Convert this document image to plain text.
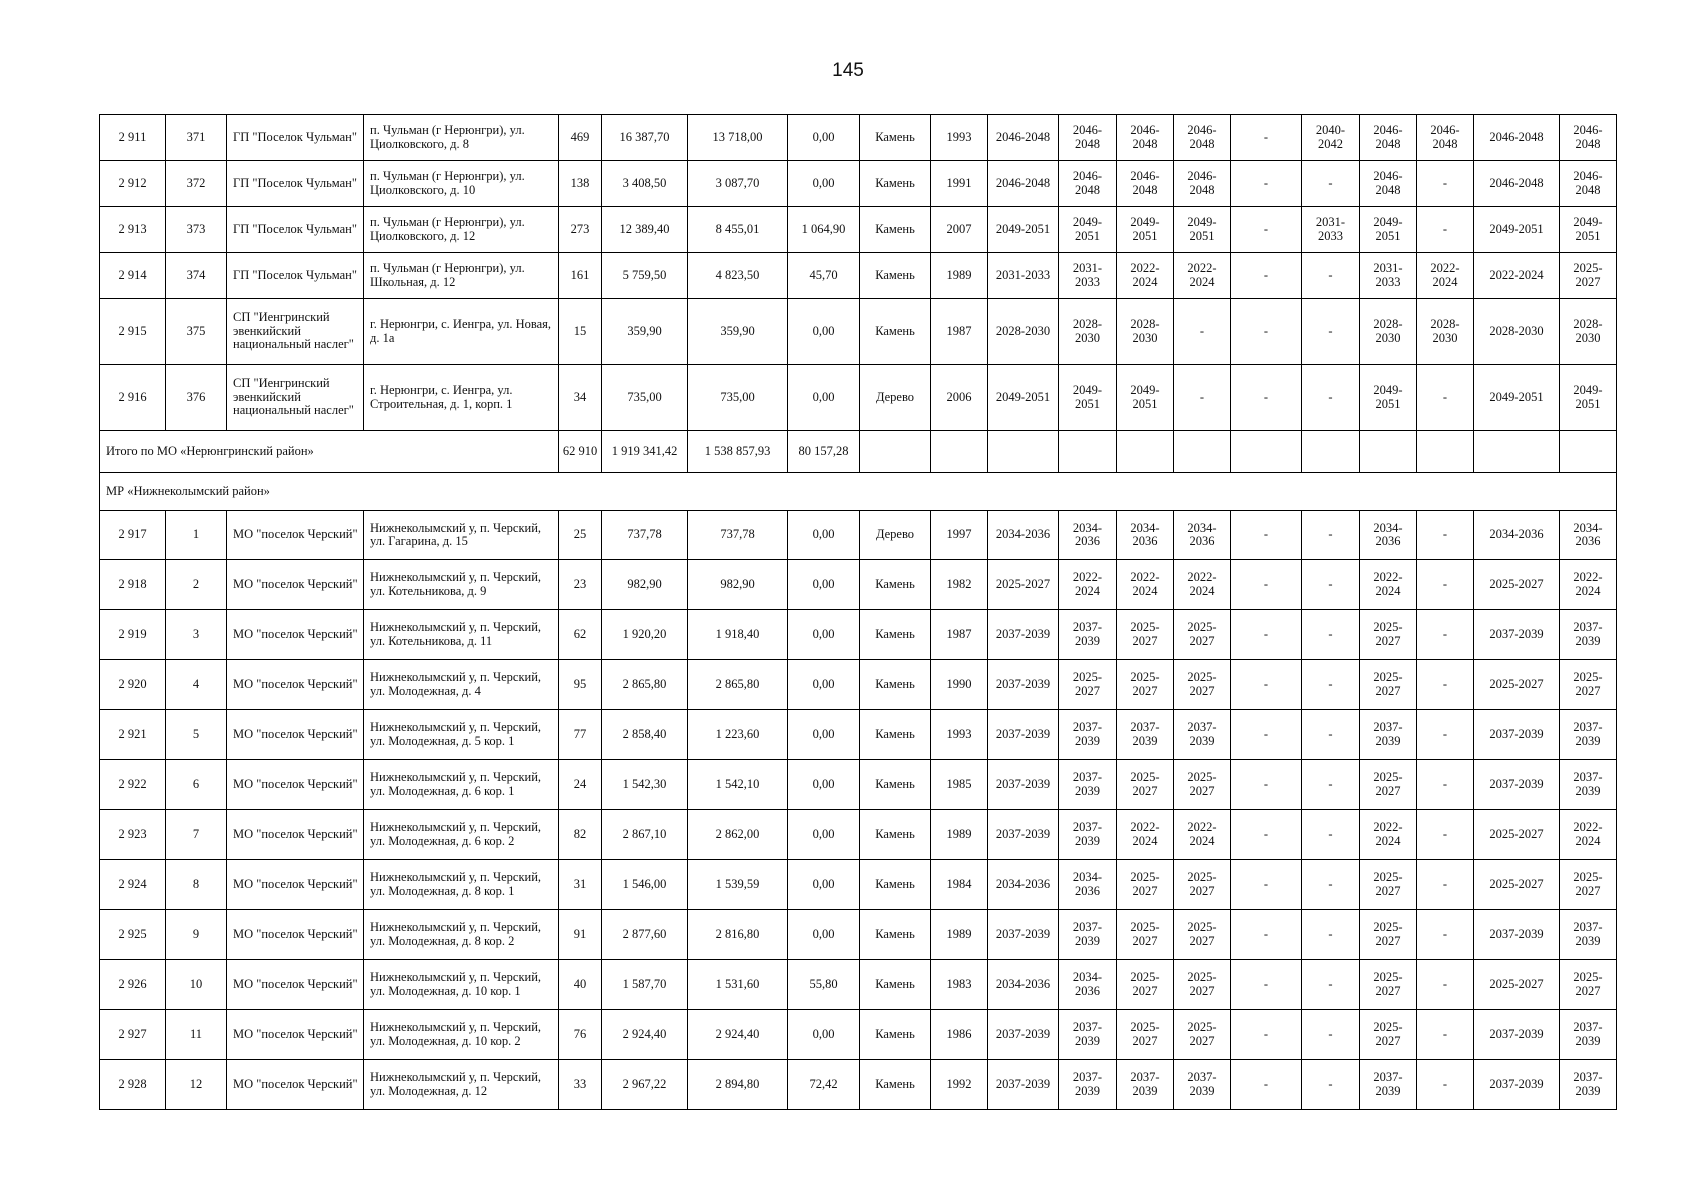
145
2 911	371	ГП "Поселок Чульман"	п. Чульман (г Нерюнгри), ул. Циолковского, д. 8	469	16 387,70	13 718,00	0,00	Камень	1993	2046-2048	2046-2048	2046-2048	2046-2048	-	2040-2042	2046-2048	2046-2048	2046-2048	2046-2048
2 912	372	ГП "Поселок Чульман"	п. Чульман (г Нерюнгри), ул. Циолковского, д. 10	138	3 408,50	3 087,70	0,00	Камень	1991	2046-2048	2046-2048	2046-2048	2046-2048	-	-	2046-2048	-	2046-2048	2046-2048
2 913	373	ГП "Поселок Чульман"	п. Чульман (г Нерюнгри), ул. Циолковского, д. 12	273	12 389,40	8 455,01	1 064,90	Камень	2007	2049-2051	2049-2051	2049-2051	2049-2051	-	2031-2033	2049-2051	-	2049-2051	2049-2051
2 914	374	ГП "Поселок Чульман"	п. Чульман (г Нерюнгри), ул. Школьная, д. 12	161	5 759,50	4 823,50	45,70	Камень	1989	2031-2033	2031-2033	2022-2024	2022-2024	-	-	2031-2033	2022-2024	2022-2024	2025-2027
2 915	375	СП "Иенгринский эвенкийский национальный наслег"	г. Нерюнгри, с. Иенгра, ул. Новая, д. 1а	15	359,90	359,90	0,00	Камень	1987	2028-2030	2028-2030	2028-2030	-	-	-	2028-2030	2028-2030	2028-2030	2028-2030
2 916	376	СП "Иенгринский эвенкийский национальный наслег"	г. Нерюнгри, с. Иенгра, ул. Строительная, д. 1, корп. 1	34	735,00	735,00	0,00	Дерево	2006	2049-2051	2049-2051	2049-2051	-	-	-	2049-2051	-	2049-2051	2049-2051
Итого по МО «Нерюнгринский район»				62 910	1 919 341,42	1 538 857,93	80 157,28												
МР «Нижнеколымский район»																			
2 917	1	МО "поселок Черский"	Нижнеколымский у, п. Черский, ул. Гагарина, д. 15	25	737,78	737,78	0,00	Дерево	1997	2034-2036	2034-2036	2034-2036	2034-2036	-	-	2034-2036	-	2034-2036	2034-2036
2 918	2	МО "поселок Черский"	Нижнеколымский у, п. Черский, ул. Котельникова, д. 9	23	982,90	982,90	0,00	Камень	1982	2025-2027	2022-2024	2022-2024	2022-2024	-	-	2022-2024	-	2025-2027	2022-2024
2 919	3	МО "поселок Черский"	Нижнеколымский у, п. Черский, ул. Котельникова, д. 11	62	1 920,20	1 918,40	0,00	Камень	1987	2037-2039	2037-2039	2025-2027	2025-2027	-	-	2025-2027	-	2037-2039	2037-2039
2 920	4	МО "поселок Черский"	Нижнеколымский у, п. Черский, ул. Молодежная, д. 4	95	2 865,80	2 865,80	0,00	Камень	1990	2037-2039	2025-2027	2025-2027	2025-2027	-	-	2025-2027	-	2025-2027	2025-2027
2 921	5	МО "поселок Черский"	Нижнеколымский у, п. Черский, ул. Молодежная, д. 5 кор. 1	77	2 858,40	1 223,60	0,00	Камень	1993	2037-2039	2037-2039	2037-2039	2037-2039	-	-	2037-2039	-	2037-2039	2037-2039
2 922	6	МО "поселок Черский"	Нижнеколымский у, п. Черский, ул. Молодежная, д. 6 кор. 1	24	1 542,30	1 542,10	0,00	Камень	1985	2037-2039	2037-2039	2025-2027	2025-2027	-	-	2025-2027	-	2037-2039	2037-2039
2 923	7	МО "поселок Черский"	Нижнеколымский у, п. Черский, ул. Молодежная, д. 6 кор. 2	82	2 867,10	2 862,00	0,00	Камень	1989	2037-2039	2037-2039	2022-2024	2022-2024	-	-	2022-2024	-	2025-2027	2022-2024
2 924	8	МО "поселок Черский"	Нижнеколымский у, п. Черский, ул. Молодежная, д. 8 кор. 1	31	1 546,00	1 539,59	0,00	Камень	1984	2034-2036	2034-2036	2025-2027	2025-2027	-	-	2025-2027	-	2025-2027	2025-2027
2 925	9	МО "поселок Черский"	Нижнеколымский у, п. Черский, ул. Молодежная, д. 8 кор. 2	91	2 877,60	2 816,80	0,00	Камень	1989	2037-2039	2037-2039	2025-2027	2025-2027	-	-	2025-2027	-	2037-2039	2037-2039
2 926	10	МО "поселок Черский"	Нижнеколымский у, п. Черский, ул. Молодежная, д. 10 кор. 1	40	1 587,70	1 531,60	55,80	Камень	1983	2034-2036	2034-2036	2025-2027	2025-2027	-	-	2025-2027	-	2025-2027	2025-2027
2 927	11	МО "поселок Черский"	Нижнеколымский у, п. Черский, ул. Молодежная, д. 10 кор. 2	76	2 924,40	2 924,40	0,00	Камень	1986	2037-2039	2037-2039	2025-2027	2025-2027	-	-	2025-2027	-	2037-2039	2037-2039
2 928	12	МО "поселок Черский"	Нижнеколымский у, п. Черский, ул. Молодежная, д. 12	33	2 967,22	2 894,80	72,42	Камень	1992	2037-2039	2037-2039	2037-2039	2037-2039	-	-	2037-2039	-	2037-2039	2037-2039
